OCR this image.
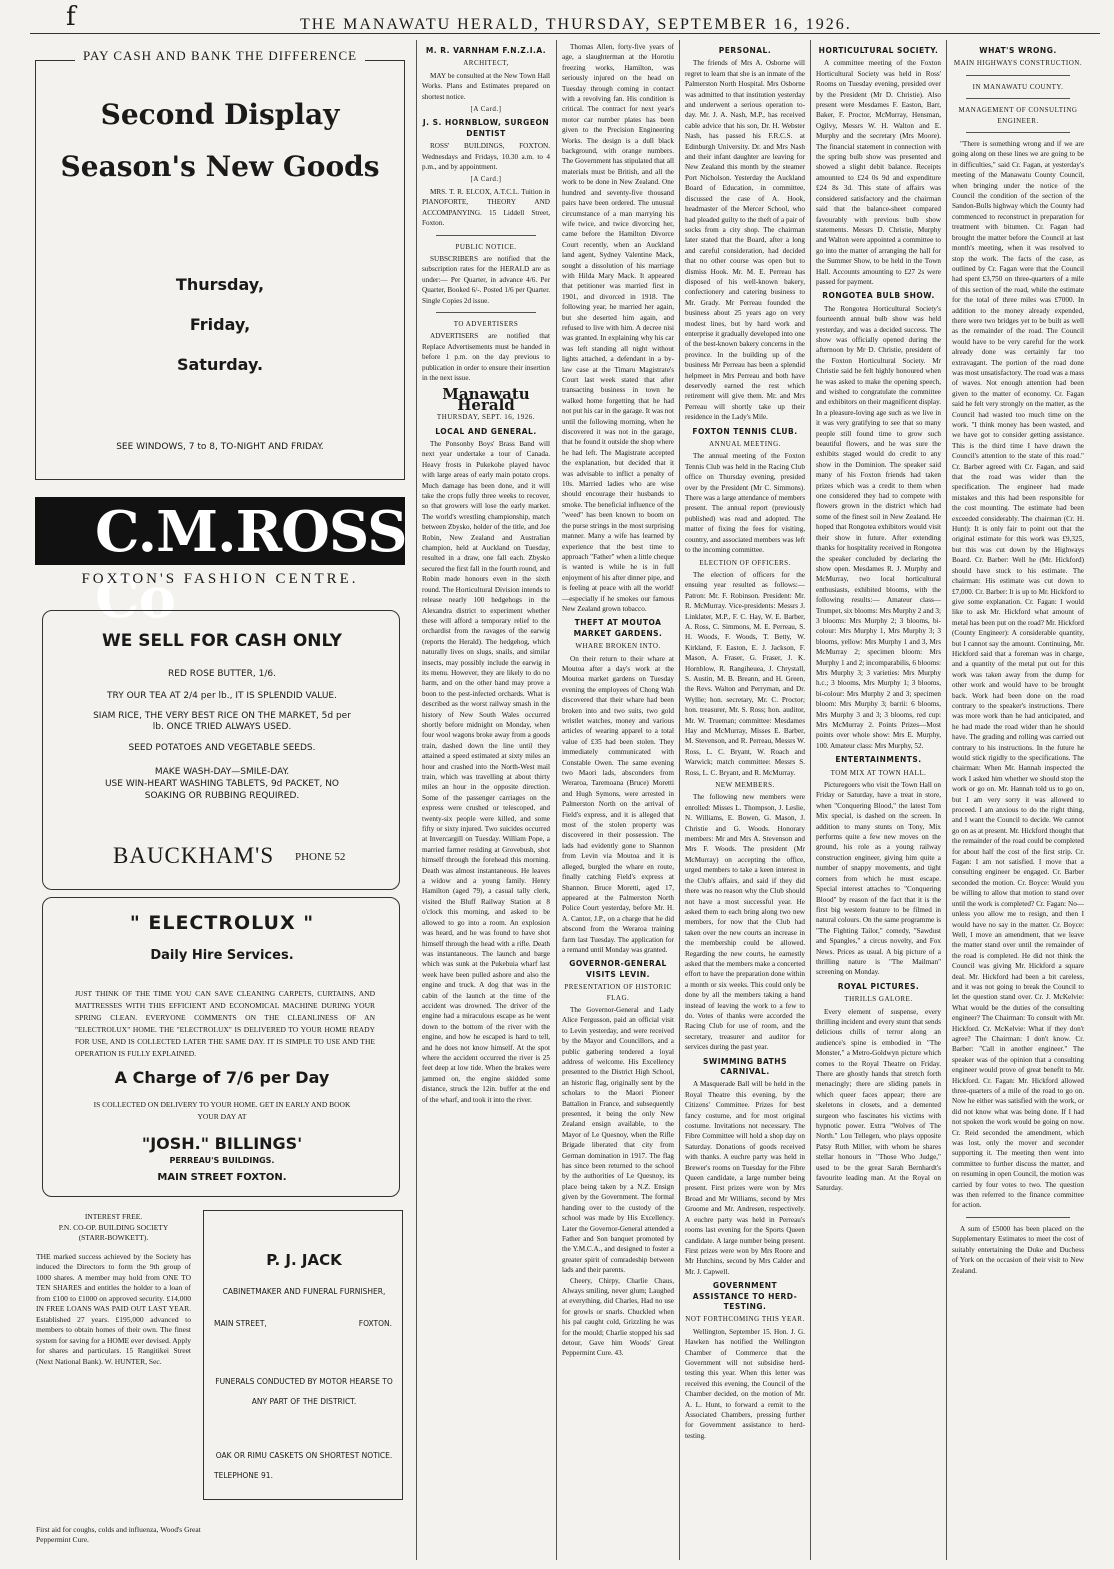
f	THE MANAWATU HERALD, THURSDAY, SEPTEMBER 16, 1926.
PAY CASH AND BANK THE DIFFERENCE
Second Display
Season's New Goods
Thursday,
Friday,
Saturday.
SEE WINDOWS, 7 to 8, TO-NIGHT AND FRIDAY.
C.M.ROSS Co
FOXTON'S FASHION CENTRE.
WE SELL FOR CASH ONLY
RED ROSE BUTTER, 1/6.
TRY OUR TEA AT 2/4 per lb., IT IS SPLENDID VALUE.
SIAM RICE, THE VERY BEST RICE ON THE MARKET, 5d per
lb. ONCE TRIED ALWAYS USED.
SEED POTATOES AND VEGETABLE SEEDS.
MAKE WASH-DAY—SMILE-DAY.
USE WIN-HEART WASHING TABLETS, 9d PACKET, NO
SOAKING OR RUBBING REQUIRED.
BAUCKHAM'S PHONE 52
" ELECTROLUX "
Daily Hire Services.
JUST THINK OF THE TIME YOU CAN SAVE CLEANING CARPETS, CURTAINS, AND MATTRESSES WITH THIS EFFICIENT AND ECONOMICAL MACHINE DURING YOUR SPRING CLEAN. EVERYONE COMMENTS ON THE CLEANLINESS OF AN "ELECTROLUX" HOME. THE "ELECTROLUX" IS DELIVERED TO YOUR HOME READY FOR USE, AND IS COLLECTED LATER THE SAME DAY. IT IS SIMPLE TO USE AND THE OPERATION IS FULLY EXPLAINED.
A Charge of 7/6 per Day
IS COLLECTED ON DELIVERY TO YOUR HOME. GET IN EARLY AND BOOK
YOUR DAY AT
"JOSH." BILLINGS'
PERREAU'S BUILDINGS.
MAIN STREET FOXTON.
INTEREST FREE.
P.N. CO-OP. BUILDING SOCIETY
(STARR-BOWKETT).
THE marked success achieved by the Society has induced the Directors to form the 9th group of 1000 shares. A member may hold from ONE TO TEN SHARES and entitles the holder to a loan of from £100 to £1000 on approved security. £14,000 IN FREE LOANS WAS PAID OUT LAST YEAR. Established 27 years. £195,000 advanced to members to obtain homes of their own. The finest system for saving for a HOME ever devised. Apply for shares and particulars. 15 Rangitikei Street (Next National Bank). W. HUNTER, Sec.
P. J. JACK
CABINETMAKER AND FUNERAL FURNISHER,
MAIN STREET,	FOXTON.
FUNERALS CONDUCTED BY MOTOR HEARSE TO
ANY PART OF THE DISTRICT.
OAK OR RIMU CASKETS ON SHORTEST NOTICE.
TELEPHONE 91.
First aid for coughs, colds and influenza, Wood's Great Peppermint Cure.
M. R. VARNHAM F.N.Z.I.A.
ARCHITECT,

MAY be consulted at the New Town Hall Works. Plans and Estimates prepared on shortest notice.

[A Card.]
J. S. HORNBLOW, SURGEON DENTIST

ROSS' BUILDINGS, FOXTON. Wednesdays and Fridays, 10.30 a.m. to 4 p.m., and by appointment.

[A Card.]

MRS. T. R. ELCOX, A.T.C.L. Tuition in PIANOFORTE, THEORY AND ACCOMPANYING. 15 Liddell Street, Foxton.

PUBLIC NOTICE.

SUBSCRIBERS are notified that the subscription rates for the HERALD are as under:— Per Quarter, in advance 4/6. Per Quarter, Booked 6/-. Posted 1/6 per Quarter. Single Copies 2d issue.

TO ADVERTISERS

ADVERTISERS are notified that Replace Advertisements must be handed in before 1 p.m. on the day previous to publication in order to ensure their insertion in the next issue.

Manawatu Herald
THURSDAY, SEPT. 16, 1926.
LOCAL AND GENERAL.

The Ponsonby Boys' Brass Band will next year undertake a tour of Canada. Heavy frosts in Pukekohe played havoc with large areas of early main potato crops. Much damage has been done, and it will take the crops fully three weeks to recover, so that growers will lose the early market. The world's wrestling championship, match between Zbysko, holder of the title, and Joe Robin, New Zealand and Australian champion, held at Auckland on Tuesday, resulted in a draw, one fall each. Zbysko secured the first fall in the fourth round, and Robin made honours even in the sixth round. The Horticultural Division intends to release nearly 100 hedgehogs in the Alexandra district to experiment whether these will afford a temporary relief to the orchardist from the ravages of the earwig (reports the Herald). The hedgehog, which naturally lives on slugs, snails, and similar insects, may possibly include the earwig in its menu. However, they are likely to do no harm, and on the other hand may prove a boon to the pest-infected orchards. What is described as the worst railway smash in the history of New South Wales occurred shortly before midnight on Monday, when four wool wagons broke away from a goods train, dashed down the line until they attained a speed estimated at sixty miles an hour and crashed into the North-West mail train, which was travelling at about thirty miles an hour in the opposite direction. Some of the passenger carriages on the express were crushed or telescoped, and twenty-six people were killed, and some fifty or sixty injured. Two suicides occurred at Invercargill on Tuesday. William Pope, a married farmer residing at Grovebush, shot himself through the forehead this morning. Death was almost instantaneous. He leaves a widow and a young family. Henry Hamilton (aged 79), a casual tally clerk, visited the Bluff Railway Station at 8 o'clock this morning, and asked to be allowed to go into a room. An explosion was heard, and he was found to have shot himself through the head with a rifle. Death was instantaneous. The launch and barge which was sunk at the Pukehuia wharf last week have been pulled ashore and also the engine and truck. A dog that was in the cabin of the launch at the time of the accident was drowned. The driver of the engine had a miraculous escape as he went down to the bottom of the river with the engine, and how he escaped is hard to tell, and he does not know himself. At the spot where the accident occurred the river is 25 feet deep at low tide. When the brakes were jammed on, the engine skidded some distance, struck the 12in. buffer at the end of the wharf, and took it into the river.

Thomas Allen, forty-five years of age, a slaughterman at the Horotiu freezing works, Hamilton, was seriously injured on the head on Tuesday through coming in contact with a revolving fan. His condition is critical. The contract for next year's motor car number plates has been given to the Precision Engineering Works. The design is a dull black background, with orange numbers. The Government has stipulated that all materials must be British, and all the work to be done in New Zealand. One hundred and seventy-five thousand pairs have been ordered. The unusual circumstance of a man marrying his wife twice, and twice divorcing her, came before the Hamilton Divorce Court recently, when an Auckland land agent, Sydney Valentine Mack, sought a dissolution of his marriage with Hilda Mary Mack. It appeared that petitioner was married first in 1901, and divorced in 1918. The following year, he married her again, but she deserted him again, and refused to live with him. A decree nisi was granted. In explaining why his car was left standing all night without lights attached, a defendant in a by-law case at the Timaru Magistrate's Court last week stated that after transacting business in town he walked home forgetting that he had not put his car in the garage. It was not until the following morning, when he discovered it was not in the garage, that he found it outside the shop where he had left. The Magistrate accepted the explanation, but decided that it was advisable to inflict a penalty of 10s. Married ladies who are wise should encourage their husbands to smoke. The beneficial influence of the "weed" has been known to boom on the purse strings in the most surprising manner. Many a wife has learned by experience that the best time to approach "Father" when a little cheque is wanted is while he is in full enjoyment of his after dinner pipe, and is feeling at peace with all the world!—especially if he smokes our famous New Zealand grown tobacco.

THEFT AT MOUTOA MARKET GARDENS.
WHARE BROKEN INTO.

On their return to their whare at Moutoa after a day's work at the Moutoa market gardens on Tuesday evening the employees of Chong Wah discovered that their whare had been broken into and two suits, two gold wristlet watches, money and various articles of wearing apparel to a total value of £35 had been stolen. They immediately communicated with Constable Owen. The same evening two Maori lads, absconders from Weraroa, Taremoana (Bruce) Moretti and Hugh Symons, were arrested in Palmerston North on the arrival of Field's express, and it is alleged that most of the stolen property was discovered in their possession. The lads had evidently gone to Shannon from Levin via Moutoa and it is alleged, burgled the whare en route, finally catching Field's express at Shannon. Bruce Moretti, aged 17, appeared at the Palmerston North Police Court yesterday, before Mr. H. A. Cantor, J.P., on a charge that he did abscond from the Weraroa training farm last Tuesday. The application for a remand until Monday was granted.

GOVERNOR-GENERAL VISITS LEVIN.
PRESENTATION OF HISTORIC FLAG.

The Governor-General and Lady Alice Fergusson, paid an official visit to Levin yesterday, and were received by the Mayor and Councillors, and a public gathering tendered a loyal address of welcome. His Excellency presented to the District High School, an historic flag, originally sent by the scholars to the Maori Pioneer Battalion in France, and subsequently presented, it being the only New Zealand ensign available, to the Mayor of Le Quesnoy, when the Rifle Brigade liberated that city from German domination in 1917. The flag has since been returned to the school by the authorities of Le Quesnoy, its place being taken by a N.Z. Ensign given by the Government. The formal handing over to the custody of the school was made by His Excellency. Later the Governor-General attended a Father and Son banquet promoted by the Y.M.C.A., and designed to foster a greater spirit of comradeship between lads and their parents.

Cheery, Chirpy, Charlie Chaus, Always smiling, never glum; Laughed at everything, did Charles, Had no use for growls or snarls. Chuckled when his pal caught cold, Grizzling he was for the mould; Charlie stopped his sad detour, Gave him Woods' Great Peppermint Cure. 43.

PERSONAL.

The friends of Mrs A. Osborne will regret to learn that she is an inmate of the Palmerston North Hospital. Mrs Osborne was admitted to that institution yesterday and underwent a serious operation to-day. Mr. J. A. Nash, M.P., has received cable advice that his son, Dr. H. Webster Nash, has passed his F.R.C.S. at Edinburgh University. Dr. and Mrs Nash and their infant daughter are leaving for New Zealand this month by the steamer Port Nicholson. Yesterday the Auckland Board of Education, in committee, discussed the case of A. Hook, headmaster of the Mercer School, who had pleaded guilty to the theft of a pair of socks from a city shop. The chairman later stated that the Board, after a long and careful consideration, had decided that no other course was open but to dismiss Hook. Mr. M. E. Perreau has disposed of his well-known bakery, confectionery and catering business to Mr. Grady. Mr Perreau founded the business about 25 years ago on very modest lines, but by hard work and enterprise it gradually developed into one of the best-known bakery concerns in the province. In the building up of the business Mr Perreau has been a splendid helpmeet in Mrs Perreau and both have deservedly earned the rest which retirement will give them. Mr. and Mrs Perreau will shortly take up their residence in the Lady's Mile.

FOXTON TENNIS CLUB.
ANNUAL MEETING.

The annual meeting of the Foxton Tennis Club was held in the Racing Club office on Thursday evening, presided over by the President (Mr C. Simmons). There was a large attendance of members present. The annual report (previously published) was read and adopted. The matter of fixing the fees for visiting, country, and associated members was left to the incoming committee.

ELECTION OF OFFICERS.

The election of officers for the ensuing year resulted as follows:— Patron: Mr. F. Robinson. President: Mr. R. McMurray. Vice-presidents: Messrs J. Linklater, M.P., F. C. Hay, W. E. Barber, A. Ross, C. Simmons, M. E. Perreau, S. H. Woods, F. Woods, T. Betty, W. Kirkland, F. Easton, E. J. Jackson, F. Mason, A. Fraser, G. Fraser, J. K. Hornblow, R. Rangiheuea, J. Chrystall, S. Austin, M. B. Breann, and H. Green, the Revs. Walton and Perryman, and Dr. Wyllie; hon. secretary, Mr. C. Proctor; hon. treasurer, Mr. S. Ross; hon. auditor, Mr. W. Trueman; committee: Mesdames Hay and McMurray, Misses E. Barber, M. Stevenson, and R. Perreau, Messrs W. Ross, L. C. Bryant, W. Roach and Warwick; match committee: Messrs S. Ross, L. C. Bryant, and R. McMurray.

NEW MEMBERS.

The following new members were enrolled: Misses L. Thompson, J. Leslie, N. Williams, E. Bowen, G. Mason, J. Christie and G. Woods. Honorary members: Mr and Mrs A. Stevenson and Mrs F. Woods. The president (Mr McMurray) on accepting the office, urged members to take a keen interest in the Club's affairs, and said if they did there was no reason why the Club should not have a most successful year. He asked them to each bring along two new members, for now that the Club had taken over the new courts an increase in the membership could be allowed. Regarding the new courts, he earnestly asked that the members make a concerted effort to have the preparation done within a month or six weeks. This could only be done by all the members taking a hand instead of leaving the work to a few to do. Votes of thanks were accorded the Racing Club for use of room, and the secretary, treasurer and auditor for services during the past year.

SWIMMING BATHS CARNIVAL.

A Masquerade Ball will be held in the Royal Theatre this evening, by the Citizens' Committee. Prizes for best fancy costume, and for most original costume. Invitations not necessary. The Fibre Committee will hold a shop day on Saturday. Donations of goods received with thanks. A euchre party was held in Brewer's rooms on Tuesday for the Fibre Queen candidate, a large number being present. First prizes were won by Mrs Broad and Mr Williams, second by Mrs Groome and Mr. Andresen, respectively. A euchre party was held in Perreau's rooms last evening for the Sports Queen candidate. A large number being present. First prizes were won by Mrs Roore and Mr Hutchins, second by Mrs Calder and Mr. J. Capwell.

GOVERNMENT ASSISTANCE TO HERD-TESTING.
NOT FORTHCOMING THIS YEAR.

Wellington, September 15. Hon. J. G. Hawken has notified the Wellington Chamber of Commerce that the Government will not subsidise herd-testing this year. When this letter was received this evening, the Council of the Chamber decided, on the motion of Mr. A. L. Hunt, to forward a remit to the Associated Chambers, pressing further for Government assistance to herd-testing.

HORTICULTURAL SOCIETY.

A committee meeting of the Foxton Horticultural Society was held in Ross' Rooms on Tuesday evening, presided over by the President (Mr D. Christie). Also present were Mesdames F. Easton, Barr, Baker, F. Proctor, McMurray, Hensman, Ogilvy, Messrs W. H. Walton and E. Murphy and the secretary (Mrs Moore). The financial statement in connection with the spring bulb show was presented and showed a slight debit balance. Receipts amounted to £24 0s 9d and expenditure £24 8s 3d. This state of affairs was considered satisfactory and the chairman said that the balance-sheet compared favourably with previous bulb show statements. Messrs D. Christie, Murphy and Walton were appointed a committee to go into the matter of arranging the hall for the Summer Show, to be held in the Town Hall. Accounts amounting to £27 2s were passed for payment.

RONGOTEA BULB SHOW.

The Rongotea Horticultural Society's fourteenth annual bulb show was held yesterday, and was a decided success. The show was officially opened during the afternoon by Mr D. Christie, president of the Foxton Horticultural Society. Mr Christie said he felt highly honoured when he was asked to make the opening speech, and wished to congratulate the committee and exhibitors on their magnificent display. In a pleasure-loving age such as we live in it was very gratifying to see that so many people still found time to grow such beautiful flowers, and he was sure the exhibits staged would do credit to any show in the Dominion. The speaker said many of his Foxton friends had taken prizes which was a credit to them when one considered they had to compete with flowers grown in the district which had some of the finest soil in New Zealand. He hoped that Rongotea exhibitors would visit their show in future. After extending thanks for hospitality received in Rongotea the speaker concluded by declaring the show open. Mesdames R. J. Murphy and McMurray, two local horticultural enthusiasts, exhibited blooms, with the following results:— Amateur class—Trumpet, six blooms: Mrs Murphy 2 and 3; 3 blooms: Mrs Murphy 2; 3 blooms, bi-colour: Mrs Murphy 1, Mrs Murphy 3; 3 blooms, yellow: Mrs Murphy 1 and 3, Mrs McMurray 2; specimen bloom: Mrs Murphy 1 and 2; incomparabilis, 6 blooms: Mrs Murphy 3; 3 varieties: Mrs Murphy h.c.; 3 blooms, Mrs Murphy 1; 3 blooms, bi-colour: Mrs Murphy 2 and 3; specimen bloom: Mrs Murphy 3; barrii: 6 blooms, Mrs Murphy 3 and 3; 3 blooms, red cup: Mrs McMurray 2. Points Prizes—Most points over whole show: Mrs E. Murphy, 100. Amateur class: Mrs Murphy, 52.

ENTERTAINMENTS.
TOM MIX AT TOWN HALL.

Picturegoers who visit the Town Hall on Friday or Saturday, have a treat in store, when "Conquering Blood," the latest Tom Mix special, is dashed on the screen. In addition to many stunts on Tony, Mix performs quite a few new moves on the ground, his role as a young railway construction engineer, giving him quite a number of snappy movements, and tight corners from which he must escape. Special interest attaches to "Conquering Blood" by reason of the fact that it is the first big western feature to be filmed in natural colours. On the same programme is "The Fighting Tailor," comedy, "Sawdust and Spangles," a circus novelty, and Fox News. Prices as usual. A big picture of a thrilling nature is "The Mailman" screening on Monday.

ROYAL PICTURES.
THRILLS GALORE.

Every element of suspense, every thrilling incident and every stunt that sends delicious chills of terror along an audience's spine is embodied in "The Monster," a Metro-Goldwyn picture which comes to the Royal Theatre on Friday. There are ghostly hands that stretch forth menacingly; there are sliding panels in which queer faces appear; there are skeletons in closets, and a demented surgeon who fascinates his victims with hypnotic power. Extra "Wolves of The North." Lou Tellegen, who plays opposite Patsy Ruth Miller, with whom he shares stellar honours in "Those Who Judge," used to be the great Sarah Bernhardt's favourite leading man. At the Royal on Saturday.

WHAT'S WRONG.
MAIN HIGHWAYS CONSTRUCTION.
IN MANAWATU COUNTY.
MANAGEMENT OF CONSULTING ENGINEER.

"There is something wrong and if we are going along on these lines we are going to be in difficulties," said Cr. Fagan, at yesterday's meeting of the Manawatu County Council, when bringing under the notice of the Council the condition of the section of the Sandon-Bulls highway which the County had commenced to reconstruct in preparation for treatment with bitumen. Cr. Fagan had brought the matter before the Council at last month's meeting, when it was resolved to stop the work. The facts of the case, as outlined by Cr. Fagan were that the Council had spent £3,750 on three-quarters of a mile of this section of the road, while the estimate for the total of three miles was £7000. In addition to the money already expended, there were two bridges yet to be built as well as the remainder of the road. The Council would have to be very careful for the work already done was certainly far too extravagant. The portion of the road done was most unsatisfactory. The road was a mass of waves. Not enough attention had been given to the matter of economy. Cr. Fagan said he felt very strongly on the matter, as the Council had wasted too much time on the work. "I think money has been wasted, and we have got to consider getting assistance. This is the third time I have drawn the Council's attention to the state of this road." Cr. Barber agreed with Cr. Fagan, and said that the road was wider than the specification. The engineer had made mistakes and this had been responsible for the cost mounting. The estimate had been exceeded considerably. The chairman (Cr. H. Hunt): It is only fair to point out that the original estimate for this work was £9,325, but this was cut down by the Highways Board. Cr. Barber: Well he (Mr. Hickford) should have stuck to his estimate. The chairman: His estimate was cut down to £7,000. Cr. Barber: It is up to Mr. Hickford to give some explanation. Cr. Fagan: I would like to ask Mr. Hickford what amount of metal has been put on the road? Mr. Hickford (County Engineer): A considerable quantity, but I cannot say the amount. Continuing, Mr. Hickford said that a foreman was in charge, and a quantity of the metal put out for this work was taken away from the dump for other work and would have to be brought back. Work had been done on the road contrary to the speaker's instructions. There was more work than he had anticipated, and he had made the road wider than he should have. The grading and rolling was carried out contrary to his instructions. In the future he would stick rigidly to the specifications. The chairman: When Mr. Hannah inspected the work I asked him whether we should stop the work or go on. Mr. Hannah told us to go on, but I am very sorry it was allowed to proceed. I am anxious to do the right thing, and I want the Council to decide. We cannot go on as at present. Mr. Hickford thought that the remainder of the road could be completed for about half the cost of the first strip. Cr. Fagan: I am not satisfied. I move that a consulting engineer be engaged. Cr. Barber seconded the motion. Cr. Boyce: Would you be willing to allow that motion to stand over until the work is completed? Cr. Fagan: No—unless you allow me to resign, and then I would have no say in the matter. Cr. Boyce: Well, I move an amendment, that we leave the matter stand over until the remainder of the road is completed. He did not think the Council was giving Mr. Hickford a square deal. Mr. Hickford had been a bit careless, and it was not going to break the Council to let the question stand over. Cr. J. McKelvie: What would be the duties of the consulting engineer? The Chairman: To consult with Mr. Hickford. Cr. McKelvie: What if they don't agree? The Chairman: I don't know. Cr. Barber: "Call in another engineer." The speaker was of the opinion that a consulting engineer would prove of great benefit to Mr. Hickford. Cr. Fagan: Mr. Hickford allowed three-quarters of a mile of the road to go on. Now he either was satisfied with the work, or did not know what was being done. If I had not spoken the work would be going on now. Cr. Reid seconded the amendment, which was lost, only the mover and seconder supporting it. The meeting then went into committee to further discuss the matter, and on resuming in open Council, the motion was carried by four votes to two. The question was then referred to the finance committee for action.

A sum of £5000 has been placed on the Supplementary Estimates to meet the cost of suitably entertaining the Duke and Duchess of York on the occasion of their visit to New Zealand.
